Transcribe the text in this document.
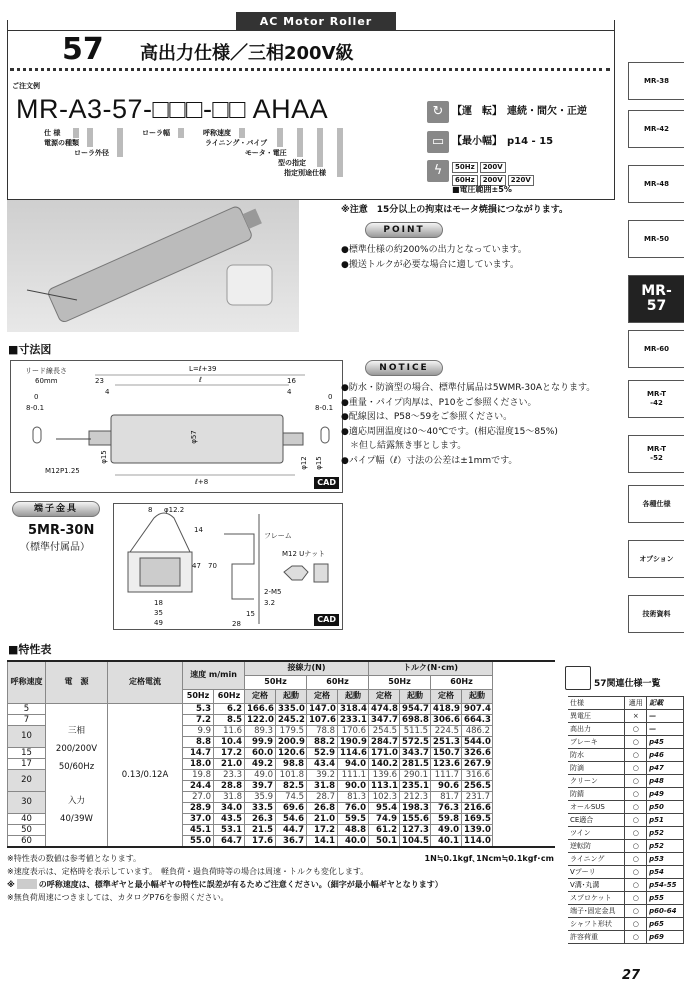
AC Motor Roller
57 高出力仕様／三相200V級
ご注文例
MR-A3-57-□□□-□□ AHAA
仕 様
電源の種類
ローラ外径
ローラ幅	呼称速度
ライニング・パイプ
モータ・電圧
型の指定
指定別途仕様
↻ 【運　転】　 連続・間欠・正逆
▭ 【最小幅】　 p14 - 15
ϟ	50Hz 200V
60Hz 200V 220V
■電圧範囲±5%
※注意　15分以上の拘束はモータ焼損につながります。
POINT
●標準仕様の約200%の出力となっています。
●搬送トルクが必要な場合に適しています。
■寸法図
L=ℓ+39
ℓ
23	16
4	4
リード線長さ
60mm
0
8-0.1
0
8-0.1
φ57
φ15	φ12 φ15
M12P1.25
ℓ+8	CAD
NOTICE
●防水・防滴型の場合、標準付属品は5WMR-30Aとなります。
●重量・パイプ肉厚は、P10をご参照ください。
●配線図は、P58～59をご参照ください。
●適応周囲温度は0～40℃です。(相応湿度15～85%)
　＊但し結露無き事とします。
●パイプ幅（ℓ）寸法の公差は±1mmです。
端子金具
5MR-30N
（標準付属品）
8 φ12.2
14
47 70
18
35
49
フレーム
M12 Uナット
2-M5
3.2
15
28	CAD
■特性表
呼称速度	電　源	定格電流	速度 m/min		接線力(N)				トルク(N･cm)			
					50Hz		60Hz		50Hz		60Hz	
			50Hz	60Hz	定格	起動	定格	起動	定格	起動	定格	起動
5	三相
200/200V
50/60Hz
入力
40/39W	0.13/0.12A	5.3	6.2	166.6	335.0	147.0	318.4	474.8	954.7	418.9	907.4
7			7.2	8.5	122.0	245.2	107.6	233.1	347.7	698.8	306.6	664.3
10			9.9	11.6	89.3	179.5	78.8	170.6	254.5	511.5	224.5	486.2
			8.8	10.4	99.9	200.9	88.2	190.9	284.7	572.5	251.3	544.0
15			14.7	17.2	60.0	120.6	52.9	114.6	171.0	343.7	150.7	326.6
17			18.0	21.0	49.2	98.8	43.4	94.0	140.2	281.5	123.6	267.9
20			19.8	23.3	49.0	101.8	39.2	111.1	139.6	290.1	111.7	316.6
			24.4	28.8	39.7	82.5	31.8	90.0	113.1	235.1	90.6	256.5
30			27.0	31.8	35.9	74.5	28.7	81.3	102.3	212.3	81.7	231.7
			28.9	34.0	33.5	69.6	26.8	76.0	95.4	198.3	76.3	216.6
40			37.0	43.5	26.3	54.6	21.0	59.5	74.9	155.6	59.8	169.5
50			45.1	53.1	21.5	44.7	17.2	48.8	61.2	127.3	49.0	139.0
60			55.0	64.7	17.6	36.7	14.1	40.0	50.1	104.5	40.1	114.0
※特性表の数値は参考値となります。
※速度表示は、定格時を表示しています。　軽負荷・過負荷時等の場合は周速・トルクも変化します。
※　　　の呼称速度は、標準ギヤと最小幅ギヤの特性に誤差が有るためご注意ください。（細字が最小幅ギヤとなります）
※無負荷周速につきましては、カタログP76を参照ください。
1N≒0.1kgf､1Ncm≒0.1kgf･cm
57関連仕様一覧
仕様	適用	記載
異電圧	×	—
高出力	○	—
ブレーキ	○	p45
防水	○	p46
防滴	○	p47
クリーン	○	p48
防錆	○	p49
オールSUS	○	p50
CE適合	○	p51
ツイン	○	p52
逆転防	○	p52
ライニング	○	p53
Vプーリ	○	p54
V溝･丸溝	○	p54-55
スプロケット	○	p55
端子･固定金具	○	p60-64
シャフト形状	○	p65
許容荷重	○	p69
27
MR-38
MR-42
MR-48
MR-50
MR-
57
MR-60
MR-T
-42
MR-T
-52
各種仕様
オプション
技術資料
